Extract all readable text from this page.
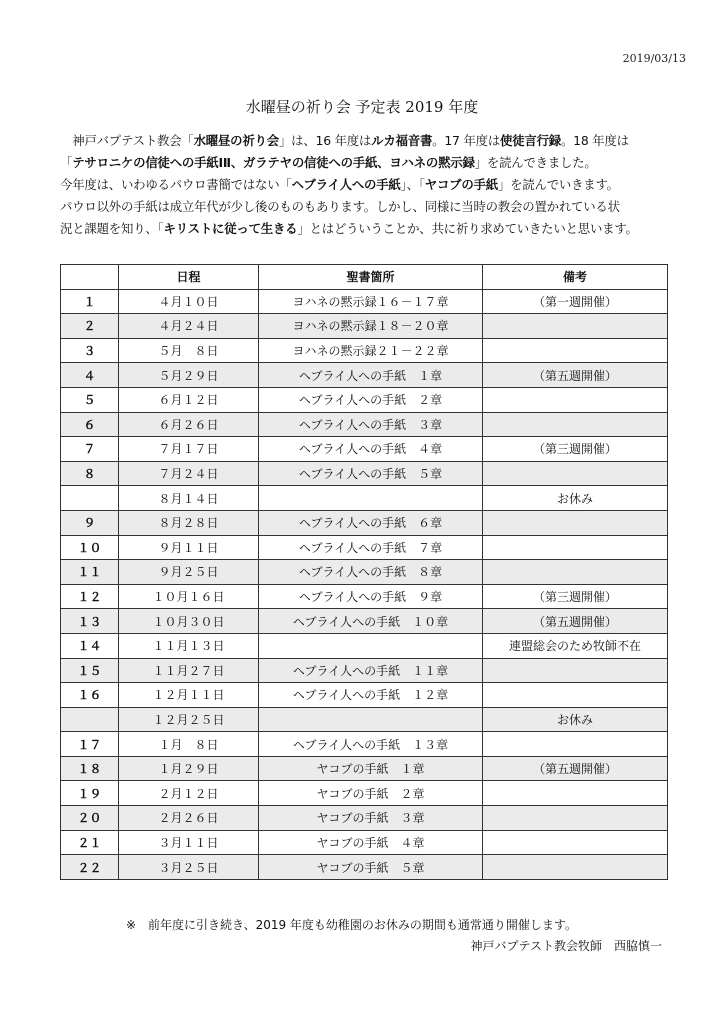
2019/03/13
水曜昼の祈り会 予定表 2019 年度

　神戸バプテスト教会「水曜昼の祈り会」は、16 年度はルカ福音書。17 年度は使徒言行録。18 年度は

「テサロニケの信徒への手紙ⅠⅡ、ガラテヤの信徒への手紙、ヨハネの黙示録」を読んできました。

今年度は、いわゆるパウロ書簡ではない「ヘブライ人への手紙」、「ヤコブの手紙」を読んでいきます。

パウロ以外の手紙は成立年代が少し後のものもあります。しかし、同様に当時の教会の置かれている状

況と課題を知り、「キリストに従って生きる」とはどういうことか、共に祈り求めていきたいと思います。

	日程	聖書箇所	備考
１	４月１０日	ヨハネの黙示録１６－１７章	（第一週開催）
２	４月２４日	ヨハネの黙示録１８－２０章	
３	５月　８日	ヨハネの黙示録２１－２２章	
４	５月２９日	ヘブライ人への手紙　１章	（第五週開催）
５	６月１２日	ヘブライ人への手紙　２章	
６	６月２６日	ヘブライ人への手紙　３章	
７	７月１７日	ヘブライ人への手紙　４章	（第三週開催）
８	７月２４日	ヘブライ人への手紙　５章	
	８月１４日		お休み
９	８月２８日	ヘブライ人への手紙　６章	
１０	９月１１日	ヘブライ人への手紙　７章	
１１	９月２５日	ヘブライ人への手紙　８章	
１２	１０月１６日	ヘブライ人への手紙　９章	（第三週開催）
１３	１０月３０日	ヘブライ人への手紙　１０章	（第五週開催）
１４	１１月１３日		連盟総会のため牧師不在
１５	１１月２７日	ヘブライ人への手紙　１１章	
１６	１２月１１日	ヘブライ人への手紙　１２章	
	１２月２５日		お休み
１７	１月　８日	ヘブライ人への手紙　１３章	
１８	１月２９日	ヤコブの手紙　１章	（第五週開催）
１９	２月１２日	ヤコブの手紙　２章	
２０	２月２６日	ヤコブの手紙　３章	
２１	３月１１日	ヤコブの手紙　４章	
２２	３月２５日	ヤコブの手紙　５章	
※　前年度に引き続き、2019 年度も幼稚園のお休みの期間も通常通り開催します。
神戸バプテスト教会牧師　西脇慎一
